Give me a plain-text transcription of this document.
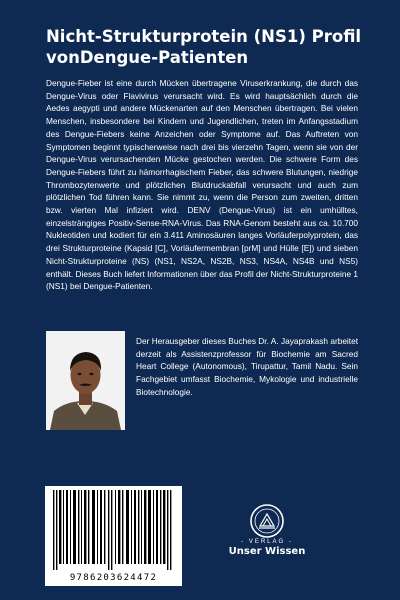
Nicht-Strukturprotein (NS1) Profil vonDengue-Patienten

Dengue-Fieber ist eine durch Mücken übertragene Viruserkrankung, die durch das Dengue-Virus oder Flavivirus verursacht wird. Es wird hauptsächlich durch die Aedes aegypti und andere Mückenarten auf den Menschen übertragen. Bei vielen Menschen, insbesondere bei Kindern und Jugendlichen, treten im Anfangsstadium des Dengue-Fiebers keine Anzeichen oder Symptome auf. Das Auftreten von Symptomen beginnt typischerweise nach drei bis vierzehn Tagen, wenn sie von der Dengue-Virus verursachenden Mücke gestochen werden. Die schwere Form des Dengue-Fiebers führt zu hämorrhagischem Fieber, das schwere Blutungen, niedrige Thrombozytenwerte und plötzlichen Blutdruckabfall verursacht und auch zum plötzlichen Tod führen kann. Sie nimmt zu, wenn die Person zum zweiten, dritten bzw. vierten Mal infiziert wird. DENV (Dengue-Virus) ist ein umhülltes, einzelsträngiges Positiv-Sense-RNA-Virus. Das RNA-Genom besteht aus ca. 10.700 Nukleotiden und kodiert für ein 3.411 Aminosäuren langes Vorläuferpolyprotein, das drei Strukturproteine (Kapsid [C], Vorläufermembran [prM] und Hülle [E]) und sieben Nicht-Strukturproteine (NS) (NS1, NS2A, NS2B, NS3, NS4A, NS4B und NS5) enthält. Dieses Buch liefert Informationen über das Profil der Nicht-Strukturproteine 1 (NS1) bei Dengue-Patienten.

Der Herausgeber dieses Buches Dr. A. Jayaprakash arbeitet derzeit als Assistenzprofessor für Biochemie am Sacred Heart College (Autonomous), Tirupattur, Tamil Nadu. Sein Fachgebiet umfasst Biochemie, Mykologie und industrielle Biotechnologie.

9786203624472
- VERLAG -
Unser Wissen
